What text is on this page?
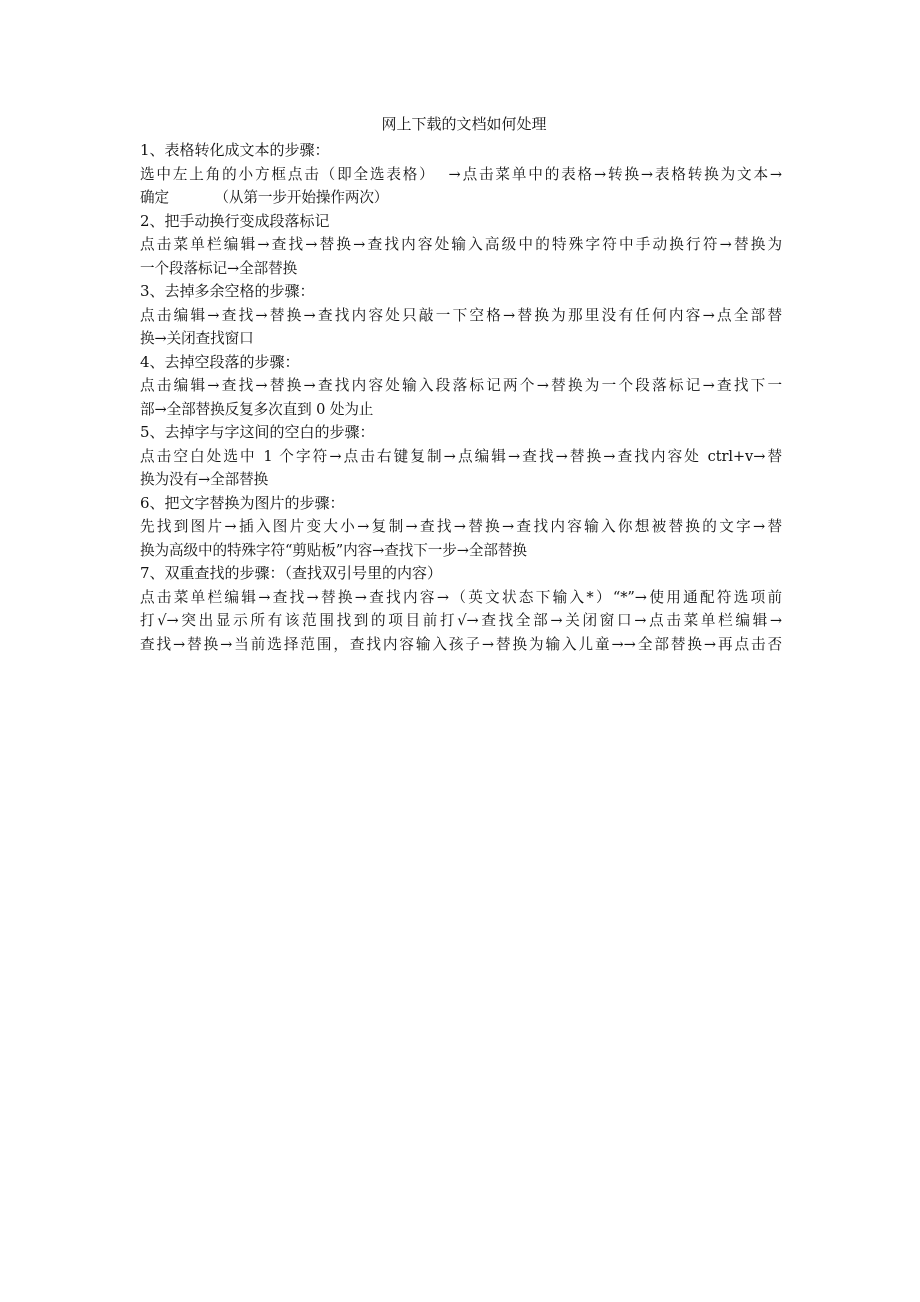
网上下载的文档如何处理
1、表格转化成文本的步骤：
选中左上角的小方框点击（即全选表格）  →点击菜单中的表格→转换→表格转换为文本→
确定          （从第一步开始操作两次）
2、把手动换行变成段落标记
点击菜单栏编辑→查找→替换→查找内容处输入高级中的特殊字符中手动换行符→替换为
一个段落标记→全部替换
3、去掉多余空格的步骤：
点击编辑→查找→替换→查找内容处只敲一下空格→替换为那里没有任何内容→点全部替
换→关闭查找窗口
4、去掉空段落的步骤：
点击编辑→查找→替换→查找内容处输入段落标记两个→替换为一个段落标记→查找下一
部→全部替换反复多次直到 0 处为止
5、去掉字与字这间的空白的步骤：
点击空白处选中 1 个字符→点击右键复制→点编辑→查找→替换→查找内容处 ctrl+v→替
换为没有→全部替换
6、把文字替换为图片的步骤：
先找到图片→插入图片变大小→复制→查找→替换→查找内容输入你想被替换的文字→替
换为高级中的特殊字符“剪贴板”内容→查找下一步→全部替换
7、双重查找的步骤：（查找双引号里的内容）
点击菜单栏编辑→查找→替换→查找内容→（英文状态下输入*）“*”→使用通配符选项前
打√→突出显示所有该范围找到的项目前打√→查找全部→关闭窗口→点击菜单栏编辑→
查找→替换→当前选择范围，查找内容输入孩子→替换为输入儿童→→全部替换→再点击否
